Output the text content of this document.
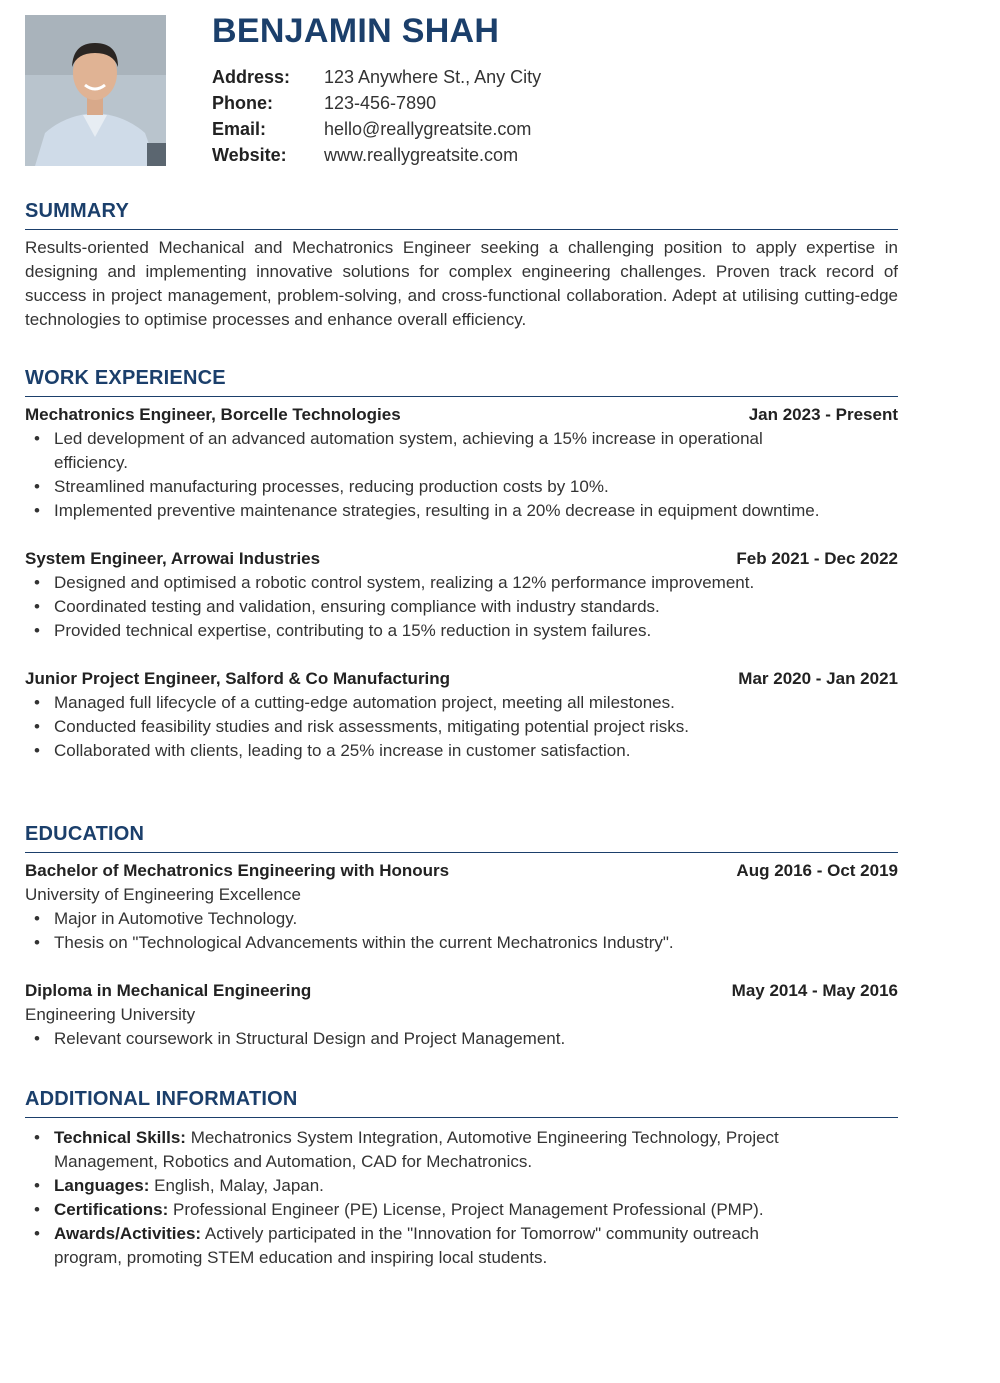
BENJAMIN SHAH
Address:	123 Anywhere St., Any City
Phone:	123-456-7890
Email:	hello@reallygreatsite.com
Website:	www.reallygreatsite.com
SUMMARY

Results-oriented Mechanical and Mechatronics Engineer seeking a challenging position to apply expertise in designing and implementing innovative solutions for complex engineering challenges. Proven track record of success in project management, problem-solving, and cross-functional collaboration. Adept at utilising cutting-edge technologies to optimise processes and enhance overall efficiency.

WORK EXPERIENCE
Mechatronics Engineer, Borcelle Technologies	Jan 2023 - Present
• Led development of an advanced automation system, achieving a 15% increase in operational efficiency.
• Streamlined manufacturing processes, reducing production costs by 10%.
• Implemented preventive maintenance strategies, resulting in a 20% decrease in equipment downtime.
System Engineer, Arrowai Industries	Feb 2021 - Dec 2022
• Designed and optimised a robotic control system, realizing a 12% performance improvement.
• Coordinated testing and validation, ensuring compliance with industry standards.
• Provided technical expertise, contributing to a 15% reduction in system failures.
Junior Project Engineer, Salford & Co Manufacturing	Mar 2020 - Jan 2021
• Managed full lifecycle of a cutting-edge automation project, meeting all milestones.
• Conducted feasibility studies and risk assessments, mitigating potential project risks.
• Collaborated with clients, leading to a 25% increase in customer satisfaction.
EDUCATION
Bachelor of Mechatronics Engineering with Honours	Aug 2016 - Oct 2019
University of Engineering Excellence
• Major in Automotive Technology.
• Thesis on "Technological Advancements within the current Mechatronics Industry".
Diploma in Mechanical Engineering	May 2014 - May 2016
Engineering University
• Relevant coursework in Structural Design and Project Management.
ADDITIONAL INFORMATION
• Technical Skills: Mechatronics System Integration, Automotive Engineering Technology, Project Management, Robotics and Automation, CAD for Mechatronics.
• Languages: English, Malay, Japan.
• Certifications: Professional Engineer (PE) License, Project Management Professional (PMP).
• Awards/Activities: Actively participated in the "Innovation for Tomorrow" community outreach program, promoting STEM education and inspiring local students.
